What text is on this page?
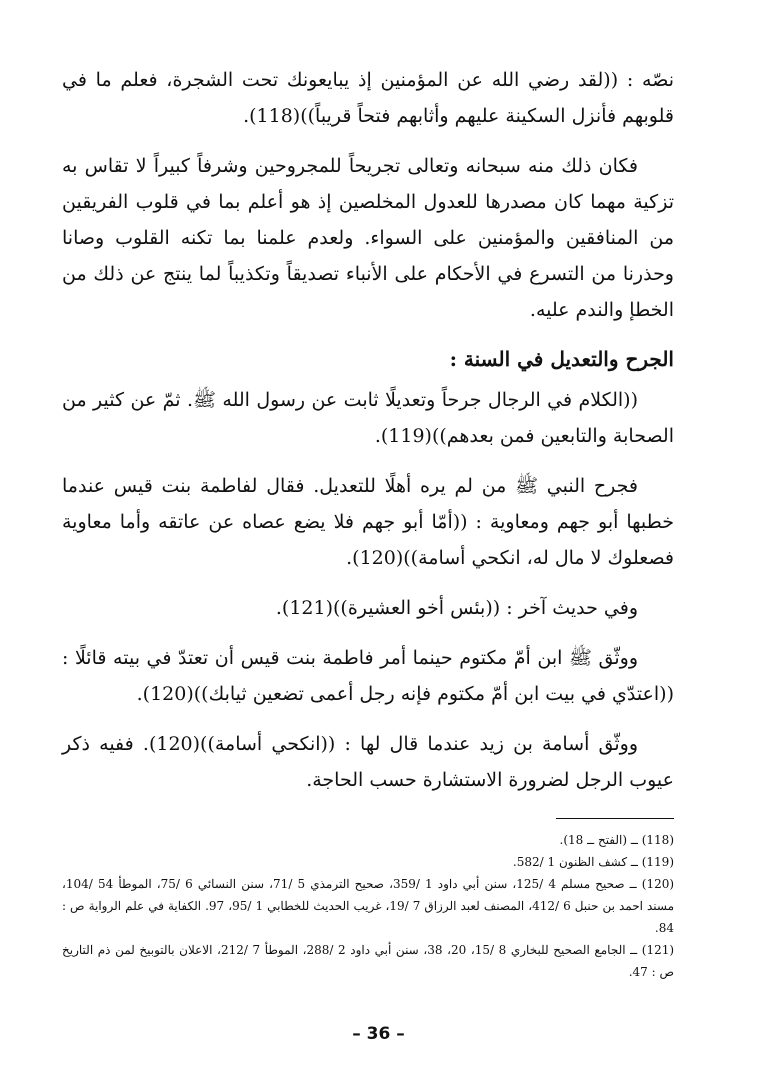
نصّه : ((لقد رضي الله عن المؤمنين إذ يبايعونك تحت الشجرة، فعلم ما في قلوبهم فأنزل السكينة عليهم وأثابهم فتحاً قريباً))(118).

فكان ذلك منه سبحانه وتعالى تجريحاً للمجروحين وشرفاً كبيراً لا تقاس به تزكية مهما كان مصدرها للعدول المخلصين إذ هو أعلم بما في قلوب الفريقين من المنافقين والمؤمنين على السواء. ولعدم علمنا بما تكنه القلوب وصانا وحذرنا من التسرع في الأحكام على الأنباء تصديقاً وتكذيباً لما ينتج عن ذلك من الخطإ والندم عليه.

الجرح والتعديل في السنة :

((الكلام في الرجال جرحاً وتعديلًا ثابت عن رسول الله ﷺ. ثمّ عن كثير من الصحابة والتابعين فمن بعدهم))(119).

فجرح النبي ﷺ من لم يره أهلًا للتعديل. فقال لفاطمة بنت قيس عندما خطبها أبو جهم ومعاوية : ((أمّا أبو جهم فلا يضع عصاه عن عاتقه وأما معاوية فصعلوك لا مال له، انكحي أسامة))(120).

وفي حديث آخر : ((بئس أخو العشيرة))(121).

ووثّق ﷺ ابن أمّ مكتوم حينما أمر فاطمة بنت قيس أن تعتدّ في بيته قائلًا : ((اعتدّي في بيت ابن أمّ مكتوم فإنه رجل أعمى تضعين ثيابك))(120).

ووثّق أسامة بن زيد عندما قال لها : ((انكحي أسامة))(120). ففيه ذكر عيوب الرجل لضرورة الاستشارة حسب الحاجة.

(118) ــ (الفتح ــ 18).

(119) ــ كشف الظنون 1 /582.

(120) ــ صحيح مسلم 4 /125، سنن أبي داود 1 /359، صحيح الترمذي 5 /71، سنن النسائي 6 /75، الموطأ 54 /104، مسند احمد بن حنبل 6 /412، المصنف لعبد الرزاق 7 /19، غريب الحديث للخطابي 1 /95، 97. الكفاية في علم الرواية ص : 84.

(121) ــ الجامع الصحيح للبخاري 8 /15، 20، 38، سنن أبي داود 2 /288، الموطأ 7 /212، الاعلان بالتوبيخ لمن ذم التاريخ ص : 47.

– 36 –
